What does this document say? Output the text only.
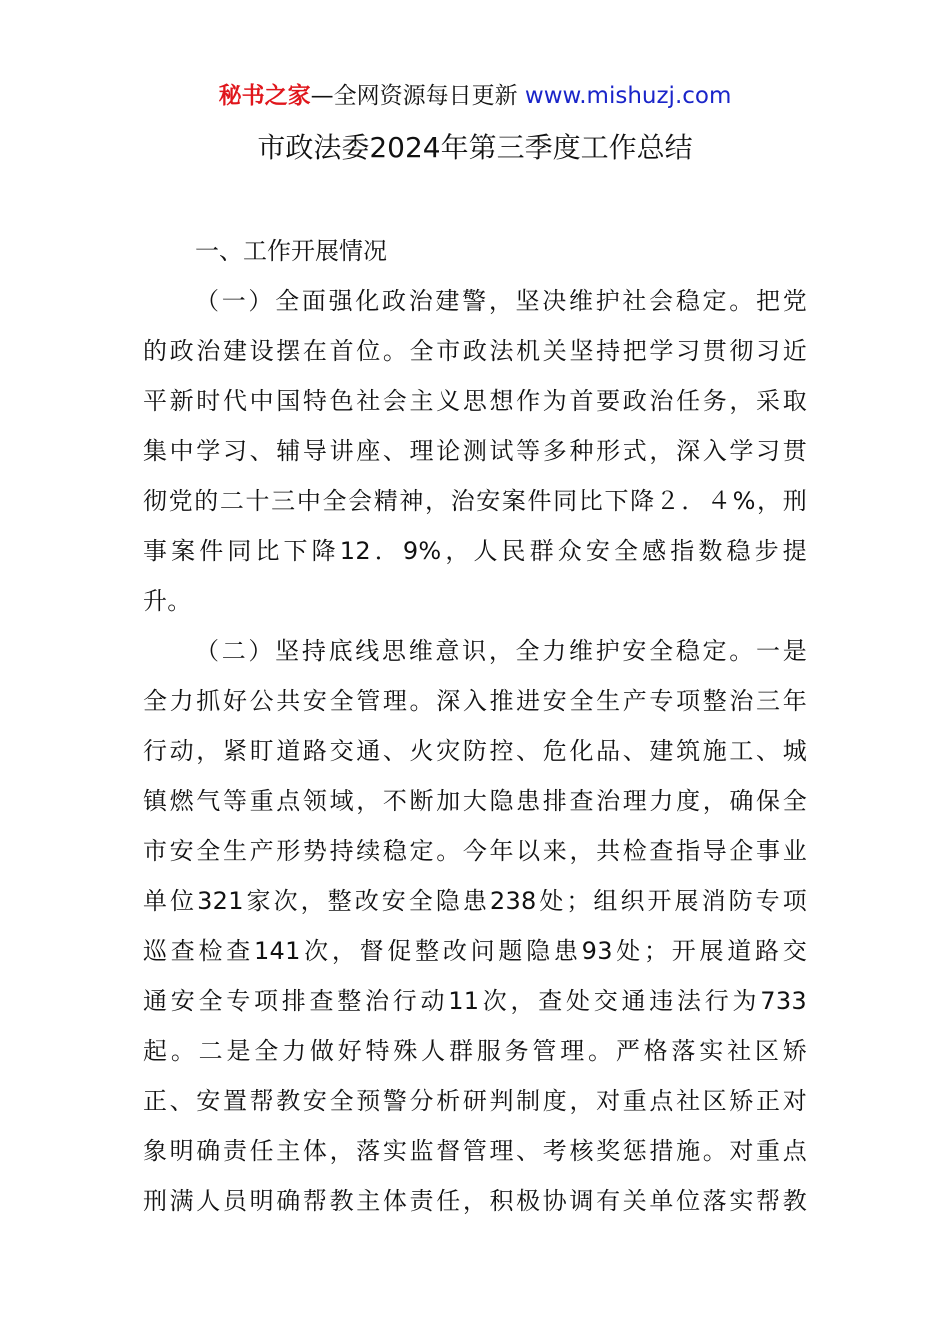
秘书之家—全网资源每日更新 www.mishuzj.com
市政法委2024年第三季度工作总结

一、工作开展情况

（一）全面强化政治建警，坚决维护社会稳定。把党
的政治建设摆在首位。全市政法机关坚持把学习贯彻习近
平新时代中国特色社会主义思想作为首要政治任务，采取
集中学习、辅导讲座、理论测试等多种形式，深入学习贯
彻党的二十三中全会精神，治安案件同比下降２．４%，刑
事案件同比下降12．9%，人民群众安全感指数稳步提
升。

（二）坚持底线思维意识，全力维护安全稳定。一是
全力抓好公共安全管理。深入推进安全生产专项整治三年
行动，紧盯道路交通、火灾防控、危化品、建筑施工、城
镇燃气等重点领域，不断加大隐患排查治理力度，确保全
市安全生产形势持续稳定。今年以来，共检查指导企事业
单位321家次，整改安全隐患238处；组织开展消防专项
巡查检查141次，督促整改问题隐患93处；开展道路交
通安全专项排查整治行动11次，查处交通违法行为733
起。二是全力做好特殊人群服务管理。严格落实社区矫
正、安置帮教安全预警分析研判制度，对重点社区矫正对
象明确责任主体，落实监督管理、考核奖惩措施。对重点
刑满人员明确帮教主体责任，积极协调有关单位落实帮教
